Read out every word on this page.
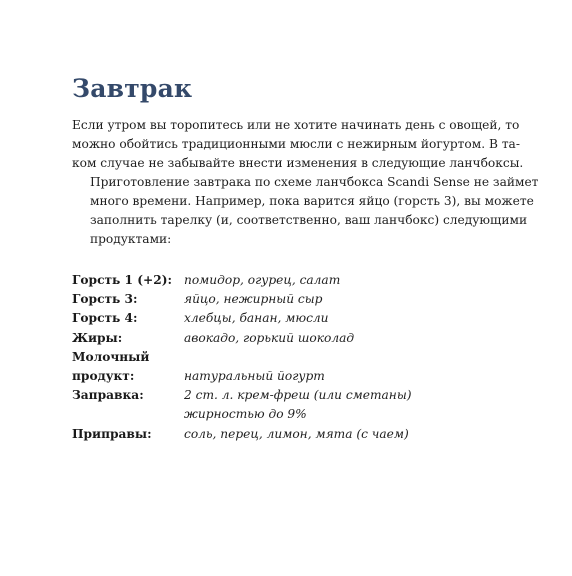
Завтрак

Если утром вы торопитесь или не хотите начинать день с овощей, то
можно обойтись традиционными мюсли с нежирным йогуртом. В та-
ком случае не забывайте внести изменения в следующие ланчбоксы.

Приготовление завтрака по схеме ланчбокса Scandi Sense не займет
много времени. Например, пока варится яйцо (горсть 3), вы можете
заполнить тарелку (и, соответственно, ваш ланчбокс) следующими
продуктами:

Горсть 1 (+2): помидор, огурец, салат
Горсть 3:	яйцо, нежирный сыр
Горсть 4:	хлебцы, банан, мюсли
Жиры:	авокадо, горький шоколад
Молочный
продукт:
	натуральный йогурт
Заправка:	2 ст. л. крем-фреш (или сметаны)
жирностью до 9%
Приправы:	соль, перец, лимон, мята (с чаем)
